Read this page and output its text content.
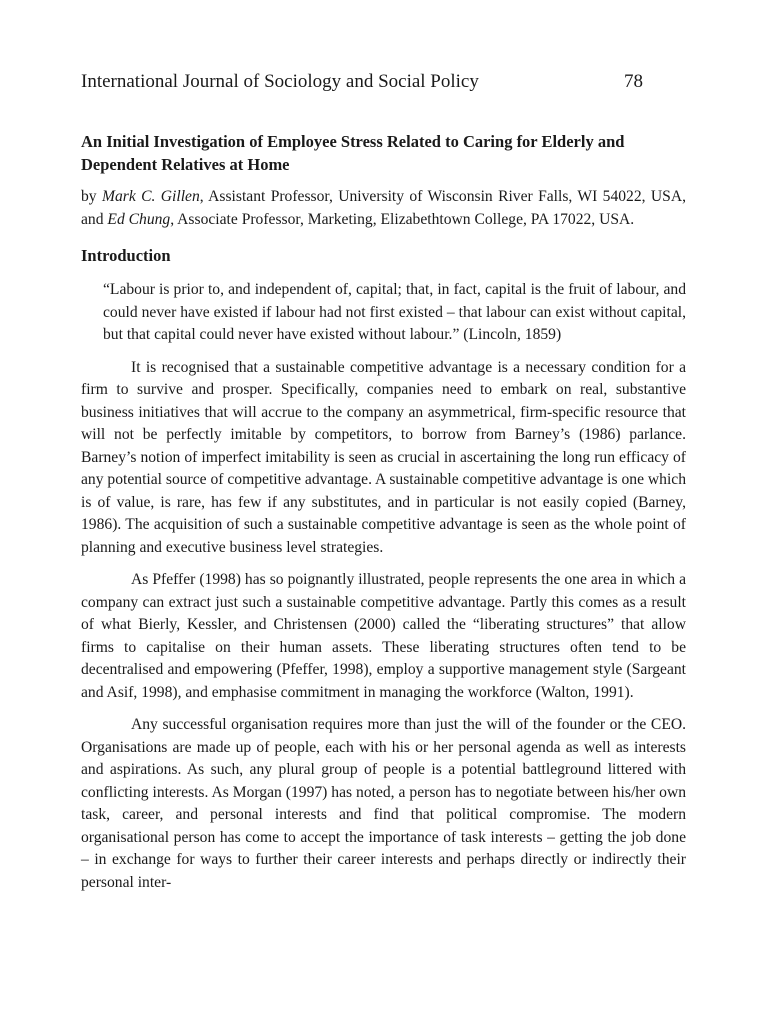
International Journal of Sociology and Social Policy	78
An Initial Investigation of Employee Stress Related to Caring for Elderly and Dependent Relatives at Home

by Mark C. Gillen, Assistant Professor, University of Wisconsin River Falls, WI 54022, USA, and Ed Chung, Associate Professor, Marketing, Elizabethtown College, PA 17022, USA.

Introduction

“Labour is prior to, and independent of, capital; that, in fact, capital is the fruit of labour, and could never have existed if labour had not first existed – that labour can exist without capital, but that capital could never have existed without labour.” (Lincoln, 1859)

It is recognised that a sustainable competitive advantage is a necessary condition for a firm to survive and prosper. Specifically, companies need to embark on real, substantive business initiatives that will accrue to the company an asymmetrical, firm-specific resource that will not be perfectly imitable by competitors, to borrow from Barney’s (1986) parlance. Barney’s notion of imperfect imitability is seen as crucial in ascertaining the long run efficacy of any potential source of competitive advantage. A sustainable competitive advantage is one which is of value, is rare, has few if any substitutes, and in particular is not easily copied (Barney, 1986). The acquisition of such a sustainable competitive advantage is seen as the whole point of planning and executive business level strategies.

As Pfeffer (1998) has so poignantly illustrated, people represents the one area in which a company can extract just such a sustainable competitive advantage. Partly this comes as a result of what Bierly, Kessler, and Christensen (2000) called the “liberating structures” that allow firms to capitalise on their human assets. These liberating structures often tend to be decentralised and empowering (Pfeffer, 1998), employ a supportive management style (Sargeant and Asif, 1998), and emphasise commitment in managing the workforce (Walton, 1991).

Any successful organisation requires more than just the will of the founder or the CEO. Organisations are made up of people, each with his or her personal agenda as well as interests and aspirations. As such, any plural group of people is a potential battleground littered with conflicting interests. As Morgan (1997) has noted, a person has to negotiate between his/her own task, career, and personal interests and find that political compromise. The modern organisational person has come to accept the importance of task interests – getting the job done – in exchange for ways to further their career interests and perhaps directly or indirectly their personal inter-
